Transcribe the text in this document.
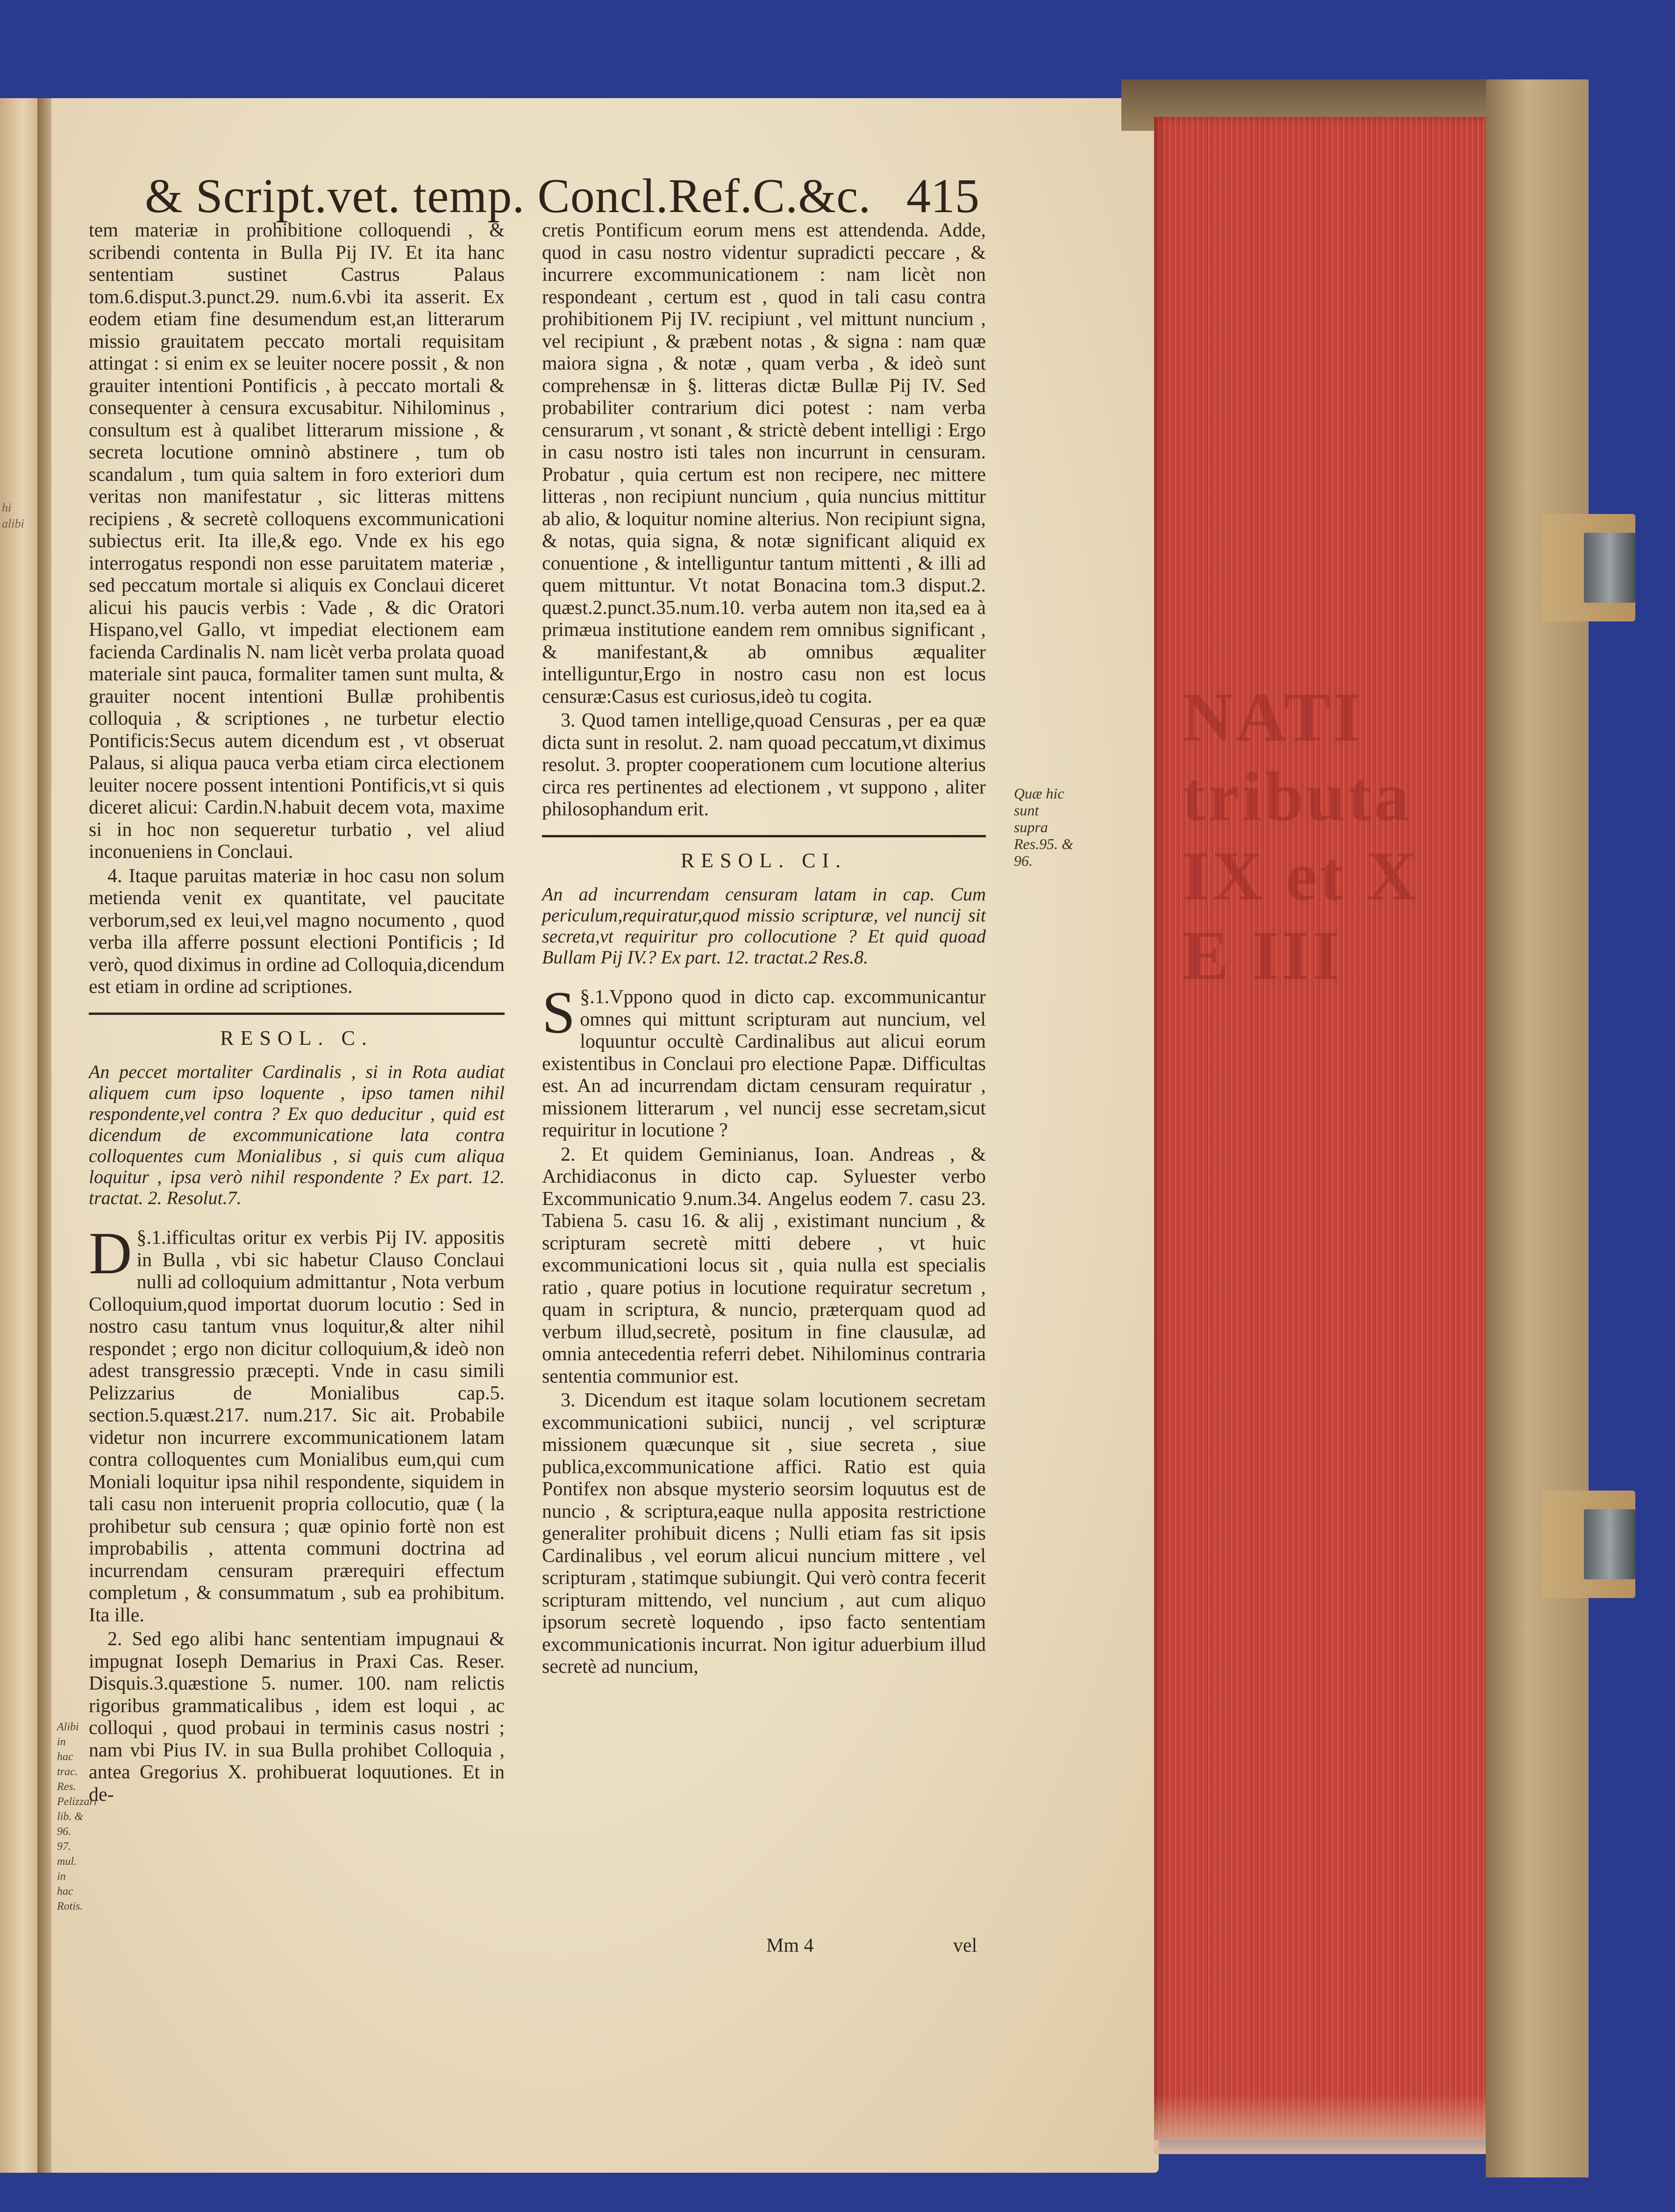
hi alibi
NATI
tributa
IX et X
E III
& Script.vet. temp. Concl.Ref.C.&c. 415

tem materiæ in prohibitione colloquendi , & scribendi contenta in Bulla Pij IV. Et ita hanc sententiam sustinet Castrus Palaus tom.6.disput.3.punct.29. num.6.vbi ita asserit. Ex eodem etiam fine desumendum est,an litterarum missio grauitatem peccato mortali requisitam attingat : si enim ex se leuiter nocere possit , & non grauiter intentioni Pontificis , à peccato mortali & consequenter à censura excusabitur. Nihilominus , consultum est à qualibet litterarum missione , & secreta locutione omninò abstinere , tum ob scandalum , tum quia saltem in foro exteriori dum veritas non manifestatur , sic litteras mittens recipiens , & secretè colloquens excommunicationi subiectus erit. Ita ille,& ego. Vnde ex his ego interrogatus respondi non esse paruitatem materiæ , sed peccatum mortale si aliquis ex Conclaui diceret alicui his paucis verbis : Vade , & dic Oratori Hispano,vel Gallo, vt impediat electionem eam facienda Cardinalis N. nam licèt verba prolata quoad materiale sint pauca, formaliter tamen sunt multa, & grauiter nocent intentioni Bullæ prohibentis colloquia , & scriptiones , ne turbetur electio Pontificis:Secus autem dicendum est , vt obseruat Palaus, si aliqua pauca verba etiam circa electionem leuiter nocere possent intentioni Pontificis,vt si quis diceret alicui: Cardin.N.habuit decem vota, maxime si in hoc non sequeretur turbatio , vel aliud inconueniens in Conclaui.

4. Itaque paruitas materiæ in hoc casu non solum metienda venit ex quantitate, vel paucitate verborum,sed ex leui,vel magno nocumento , quod verba illa afferre possunt electioni Pontificis ; Id verò, quod diximus in ordine ad Colloquia,dicendum est etiam in ordine ad scriptiones.

RESOL. C.

An peccet mortaliter Cardinalis , si in Rota audiat aliquem cum ipso loquente , ipso tamen nihil respondente,vel contra ? Ex quo deducitur , quid est dicendum de excommunicatione lata contra colloquentes cum Monialibus , si quis cum aliqua loquitur , ipsa verò nihil respondente ? Ex part. 12. tractat. 2. Resolut.7.

§.1.
D ifficultas oritur ex verbis Pij IV. appositis in Bulla , vbi sic habetur Clauso Conclaui nulli ad colloquium admittantur , Nota verbum Colloquium,quod importat duorum locutio : Sed in nostro casu tantum vnus loquitur,& alter nihil respondet ; ergo non dicitur colloquium,& ideò non adest transgressio præcepti. Vnde in casu simili Pelizzarius de Monialibus cap.5. section.5.quæst.217. num.217. Sic ait. Probabile videtur non incurrere excommunicationem latam contra colloquentes cum Monialibus eum,qui cum Moniali loquitur ipsa nihil respondente, siquidem in tali casu non interuenit propria collocutio, quæ ( la prohibetur sub censura ; quæ opinio fortè non est improbabilis , attenta communi doctrina ad incurrendam censuram prærequiri effectum completum , & consummatum , sub ea prohibitum. Ita ille.

2. Sed ego alibi hanc sententiam impugnaui & impugnat Ioseph Demarius in Praxi Cas. Reser. Disquis.3.quæstione 5. numer. 100. nam relictis rigoribus grammaticalibus , idem est loqui , ac colloqui , quod probaui in terminis casus nostri ; nam vbi Pius IV. in sua Bulla prohibet Colloquia , antea Gregorius X. prohibuerat loquutiones. Et in de-

cretis Pontificum eorum mens est attendenda. Adde, quod in casu nostro videntur supradicti peccare , & incurrere excommunicationem : nam licèt non respondeant , certum est , quod in tali casu contra prohibitionem Pij IV. recipiunt , vel mittunt nuncium , vel recipiunt , & præbent notas , & signa : nam quæ maiora signa , & notæ , quam verba , & ideò sunt comprehensæ in §. litteras dictæ Bullæ Pij IV. Sed probabiliter contrarium dici potest : nam verba censurarum , vt sonant , & strictè debent intelligi : Ergo in casu nostro isti tales non incurrunt in censuram. Probatur , quia certum est non recipere, nec mittere litteras , non recipiunt nuncium , quia nuncius mittitur ab alio, & loquitur nomine alterius. Non recipiunt signa, & notas, quia signa, & notæ significant aliquid ex conuentione , & intelliguntur tantum mittenti , & illi ad quem mittuntur. Vt notat Bonacina tom.3 disput.2. quæst.2.punct.35.num.10. verba autem non ita,sed ea à primæua institutione eandem rem omnibus significant , & manifestant,& ab omnibus æqualiter intelliguntur,Ergo in nostro casu non est locus censuræ:Casus est curiosus,ideò tu cogita.

3. Quod tamen intellige,quoad Censuras , per ea quæ dicta sunt in resolut. 2. nam quoad peccatum,vt diximus resolut. 3. propter cooperationem cum locutione alterius circa res pertinentes ad electionem , vt suppono , aliter philosophandum erit.

RESOL. CI.

An ad incurrendam censuram latam in cap. Cum periculum,requiratur,quod missio scripturæ, vel nuncij sit secreta,vt requiritur pro collocutione ? Et quid quoad Bullam Pij IV.? Ex part. 12. tractat.2 Res.8.

§.1.
S Vppono quod in dicto cap. excommunicantur omnes qui mittunt scripturam aut nuncium, vel loquuntur occultè Cardinalibus aut alicui eorum existentibus in Conclaui pro electione Papæ. Difficultas est. An ad incurrendam dictam censuram requiratur , missionem litterarum , vel nuncij esse secretam,sicut requiritur in locutione ?

2. Et quidem Geminianus, Ioan. Andreas , & Archidiaconus in dicto cap. Syluester verbo Excommunicatio 9.num.34. Angelus eodem 7. casu 23. Tabiena 5. casu 16. & alij , existimant nuncium , & scripturam secretè mitti debere , vt huic excommunicationi locus sit , quia nulla est specialis ratio , quare potius in locutione requiratur secretum , quam in scriptura, & nuncio, præterquam quod ad verbum illud,secretè, positum in fine clausulæ, ad omnia antecedentia referri debet. Nihilominus contraria sententia communior est.

3. Dicendum est itaque solam locutionem secretam excommunicationi subiici, nuncij , vel scripturæ missionem quæcunque sit , siue secreta , siue publica,excommunicatione affici. Ratio est quia Pontifex non absque mysterio seorsim loquutus est de nuncio , & scriptura,eaque nulla apposita restrictione generaliter prohibuit dicens ; Nulli etiam fas sit ipsis Cardinalibus , vel eorum alicui nuncium mittere , vel scripturam , statimque subiungit. Qui verò contra fecerit scripturam mittendo, vel nuncium , aut cum aliquo ipsorum secretè loquendo , ipso facto sententiam excommunicationis incurrat. Non igitur aduerbium illud secretè ad nuncium,

Quæ hic
sunt supra
Res.95. &
96.
Alibi in
hac trac.
Res.
Pelizzari
lib. &
96. 97.
mul. in
hac
Rotis.
Mm 4	vel
